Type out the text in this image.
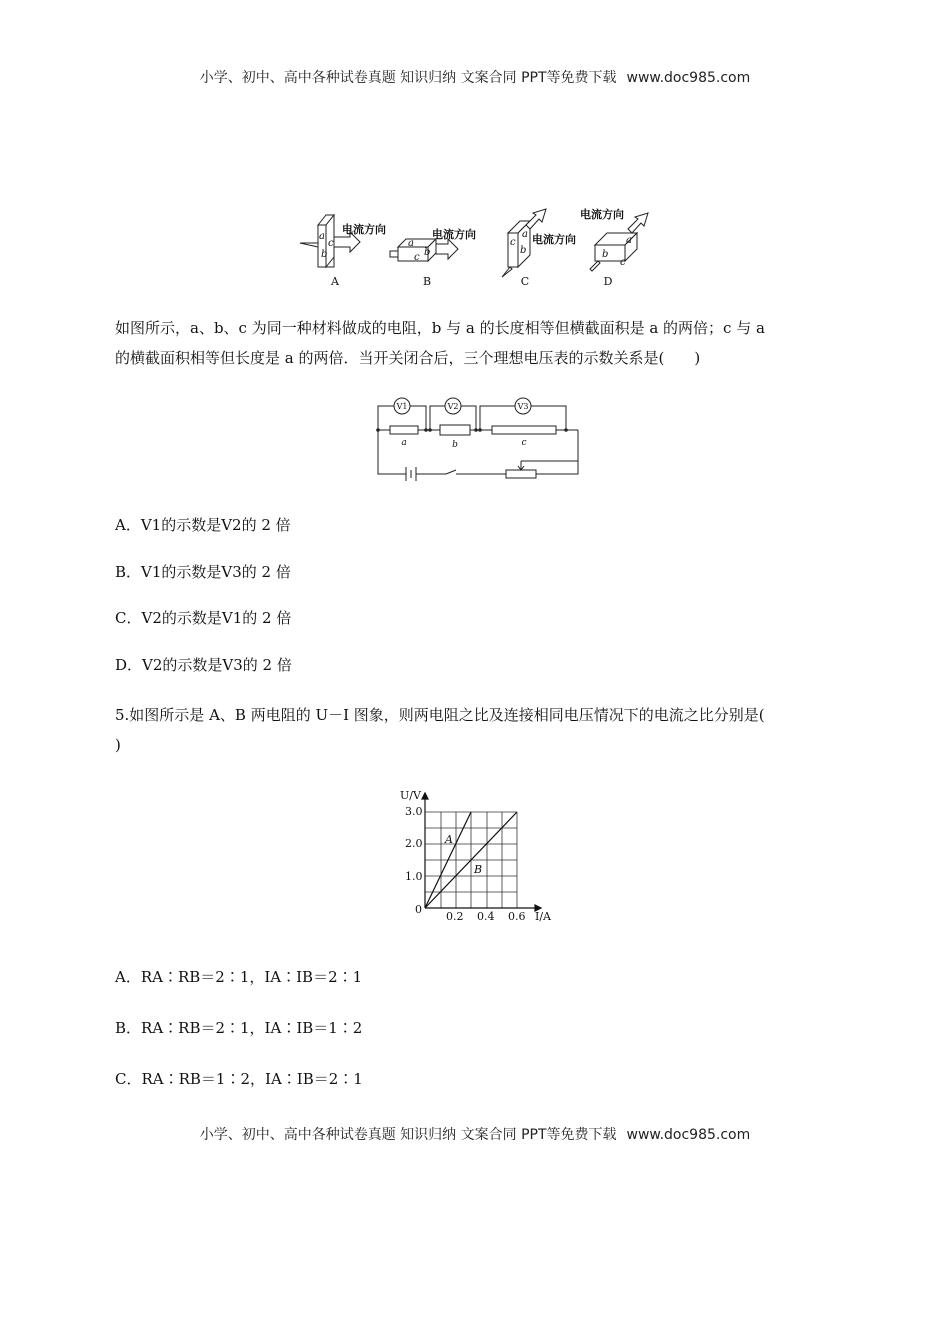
小学、初中、高中各种试卷真题 知识归纳 文案合同 PPT等免费下载 www.doc985.com
a
b
c	a
b
c
c
a
b	b
a
c
电流方向	电流方向	电流方向
电流方向
A	B	C	D
如图所示，a、b、c 为同一种材料做成的电阻，b 与 a 的长度相等但横截面积是 a 的两倍；c 与 a
的横截面积相等但长度是 a 的两倍．当开关闭合后，三个理想电压表的示数关系是(　　)
V1	V2	V3
a	b	c
A．V1的示数是V2的 2 倍
B．V1的示数是V3的 2 倍
C．V2的示数是V1的 2 倍
D．V2的示数是V3的 2 倍
5.如图所示是 A、B 两电阻的 U－I 图象，则两电阻之比及连接相同电压情况下的电流之比分别是(
)
U/V
I/A
0
1.0
2.0
3.0
0.2 0.4 0.6
A
B
A．RA∶RB＝2∶1，IA∶IB＝2∶1
B．RA∶RB＝2∶1，IA∶IB＝1∶2
C．RA∶RB＝1∶2，IA∶IB＝2∶1
小学、初中、高中各种试卷真题 知识归纳 文案合同 PPT等免费下载 www.doc985.com
